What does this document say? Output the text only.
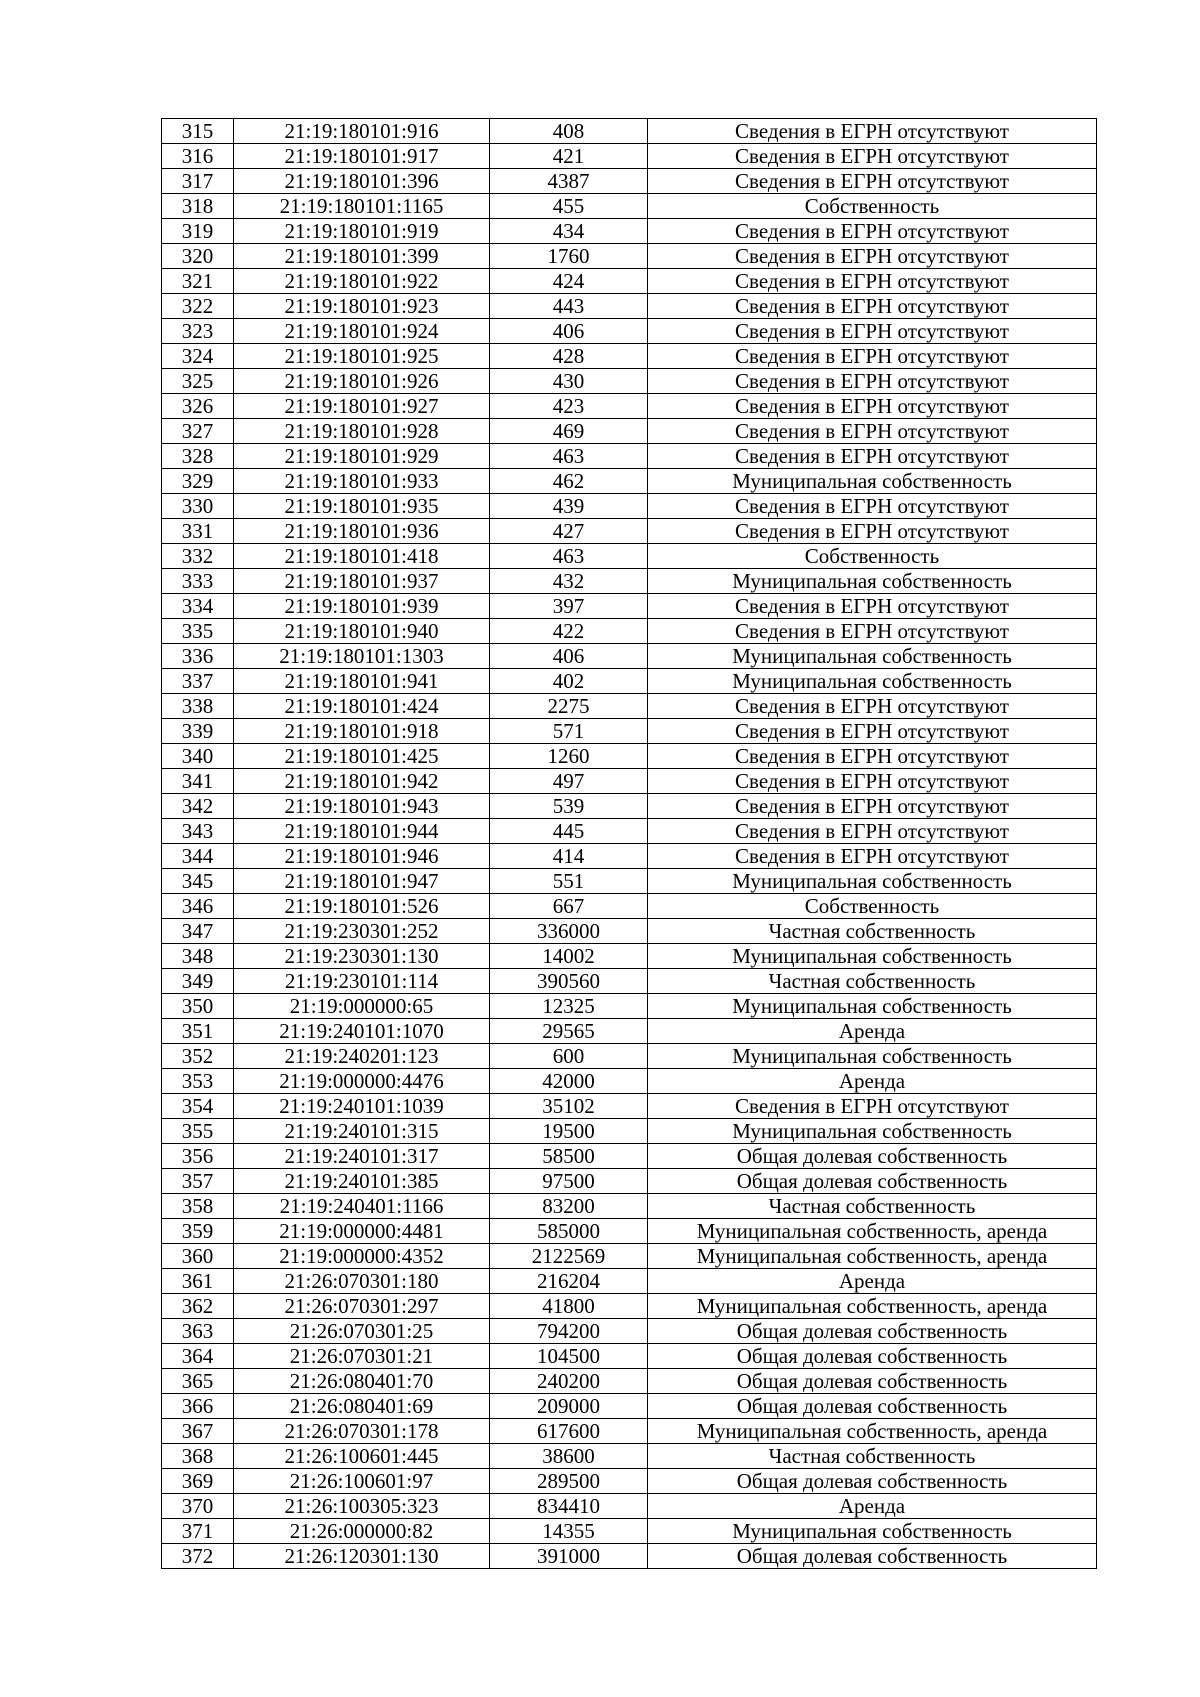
315	21:19:180101:916	408	Сведения в ЕГРН отсутствуют
316	21:19:180101:917	421	Сведения в ЕГРН отсутствуют
317	21:19:180101:396	4387	Сведения в ЕГРН отсутствуют
318	21:19:180101:1165	455	Собственность
319	21:19:180101:919	434	Сведения в ЕГРН отсутствуют
320	21:19:180101:399	1760	Сведения в ЕГРН отсутствуют
321	21:19:180101:922	424	Сведения в ЕГРН отсутствуют
322	21:19:180101:923	443	Сведения в ЕГРН отсутствуют
323	21:19:180101:924	406	Сведения в ЕГРН отсутствуют
324	21:19:180101:925	428	Сведения в ЕГРН отсутствуют
325	21:19:180101:926	430	Сведения в ЕГРН отсутствуют
326	21:19:180101:927	423	Сведения в ЕГРН отсутствуют
327	21:19:180101:928	469	Сведения в ЕГРН отсутствуют
328	21:19:180101:929	463	Сведения в ЕГРН отсутствуют
329	21:19:180101:933	462	Муниципальная собственность
330	21:19:180101:935	439	Сведения в ЕГРН отсутствуют
331	21:19:180101:936	427	Сведения в ЕГРН отсутствуют
332	21:19:180101:418	463	Собственность
333	21:19:180101:937	432	Муниципальная собственность
334	21:19:180101:939	397	Сведения в ЕГРН отсутствуют
335	21:19:180101:940	422	Сведения в ЕГРН отсутствуют
336	21:19:180101:1303	406	Муниципальная собственность
337	21:19:180101:941	402	Муниципальная собственность
338	21:19:180101:424	2275	Сведения в ЕГРН отсутствуют
339	21:19:180101:918	571	Сведения в ЕГРН отсутствуют
340	21:19:180101:425	1260	Сведения в ЕГРН отсутствуют
341	21:19:180101:942	497	Сведения в ЕГРН отсутствуют
342	21:19:180101:943	539	Сведения в ЕГРН отсутствуют
343	21:19:180101:944	445	Сведения в ЕГРН отсутствуют
344	21:19:180101:946	414	Сведения в ЕГРН отсутствуют
345	21:19:180101:947	551	Муниципальная собственность
346	21:19:180101:526	667	Собственность
347	21:19:230301:252	336000	Частная собственность
348	21:19:230301:130	14002	Муниципальная собственность
349	21:19:230101:114	390560	Частная собственность
350	21:19:000000:65	12325	Муниципальная собственность
351	21:19:240101:1070	29565	Аренда
352	21:19:240201:123	600	Муниципальная собственность
353	21:19:000000:4476	42000	Аренда
354	21:19:240101:1039	35102	Сведения в ЕГРН отсутствуют
355	21:19:240101:315	19500	Муниципальная собственность
356	21:19:240101:317	58500	Общая долевая собственность
357	21:19:240101:385	97500	Общая долевая собственность
358	21:19:240401:1166	83200	Частная собственность
359	21:19:000000:4481	585000	Муниципальная собственность, аренда
360	21:19:000000:4352	2122569	Муниципальная собственность, аренда
361	21:26:070301:180	216204	Аренда
362	21:26:070301:297	41800	Муниципальная собственность, аренда
363	21:26:070301:25	794200	Общая долевая собственность
364	21:26:070301:21	104500	Общая долевая собственность
365	21:26:080401:70	240200	Общая долевая собственность
366	21:26:080401:69	209000	Общая долевая собственность
367	21:26:070301:178	617600	Муниципальная собственность, аренда
368	21:26:100601:445	38600	Частная собственность
369	21:26:100601:97	289500	Общая долевая собственность
370	21:26:100305:323	834410	Аренда
371	21:26:000000:82	14355	Муниципальная собственность
372	21:26:120301:130	391000	Общая долевая собственность
